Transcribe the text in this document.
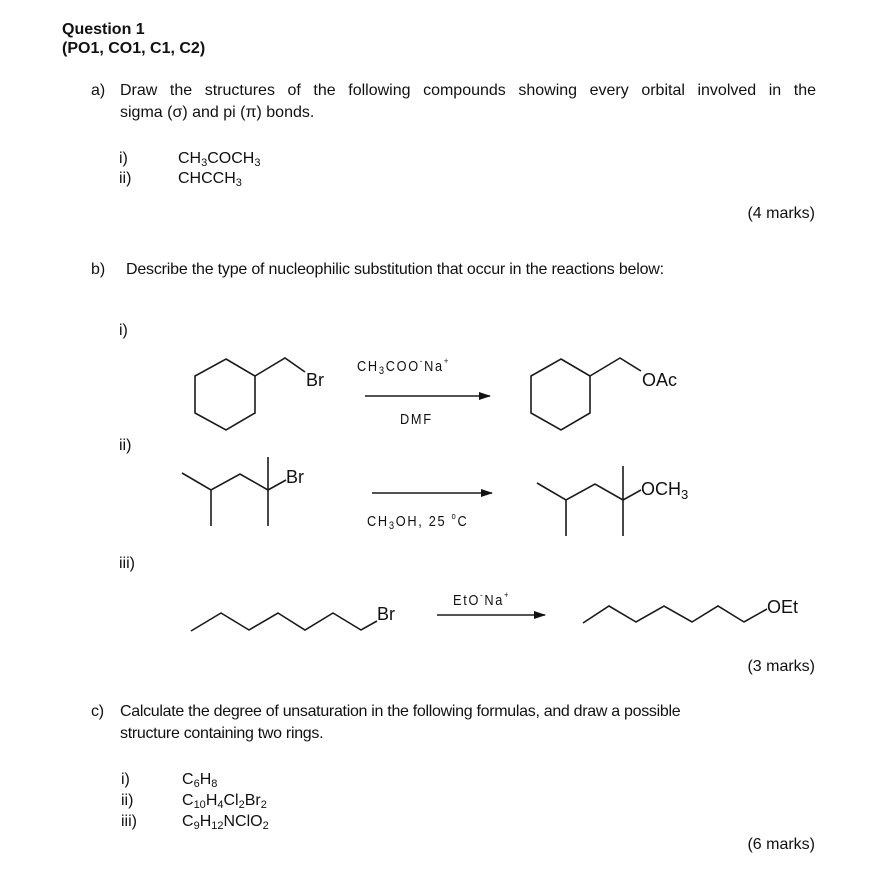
Question 1
(PO1, CO1, C1, C2)
a) Draw the structures of the following compounds showing every orbital involved in the
sigma (σ) and pi (π) bonds.
i)	$CH_3COCH_3$
ii)	$CHCCH_3$
(4 marks)
b) Describe the type of nucleophilic substitution that occur in the reactions below:
i)
ii)
iii)
Br	OAc
Br
$OCH_3$
Br	OEt
$CH_3COO^-Na^+$
DMF
$CH_3OH$, 25 $^o$C
EtO-Na+
(3 marks)
c) Calculate the degree of unsaturation in the following formulas, and draw a possible
structure containing two rings.
i)	$C_6H_8$
ii)	$C_{10}H_4Cl_2Br_2$
iii)	$C_9H_{12}NClO_2$
(6 marks)
